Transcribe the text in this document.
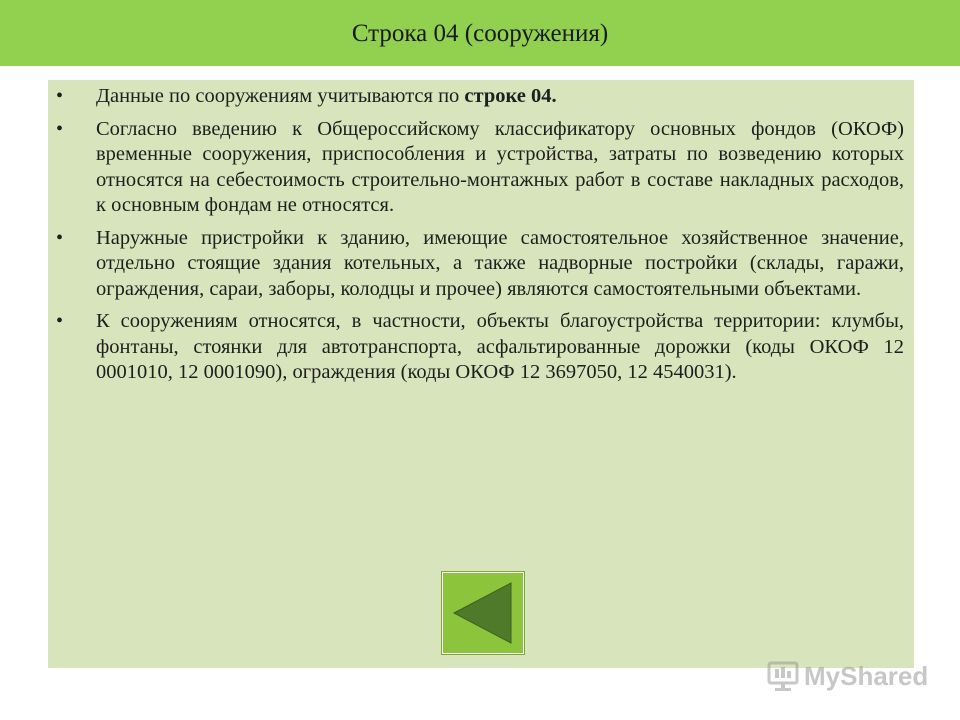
Строка 04 (сооружения)
• Данные по сооружениям учитываются по строке 04.
• Согласно введению к Общероссийскому классификатору основных фондов (ОКОФ) временные сооружения, приспособления и устройства, затраты по возведению которых относятся на себестоимость строительно-монтажных работ в составе накладных расходов, к основным фондам не относятся.
• Наружные пристройки к зданию, имеющие самостоятельное хозяйственное значение, отдельно стоящие здания котельных, а также надворные постройки (склады, гаражи, ограждения, сараи, заборы, колодцы и прочее) являются самостоятельными объектами.
• К сооружениям относятся, в частности, объекты благоустройства территории: клумбы, фонтаны, стоянки для автотранспорта, асфальтированные дорожки (коды ОКОФ 12 0001010, 12 0001090), ограждения (коды ОКОФ 12 3697050, 12 4540031).
MyShared
